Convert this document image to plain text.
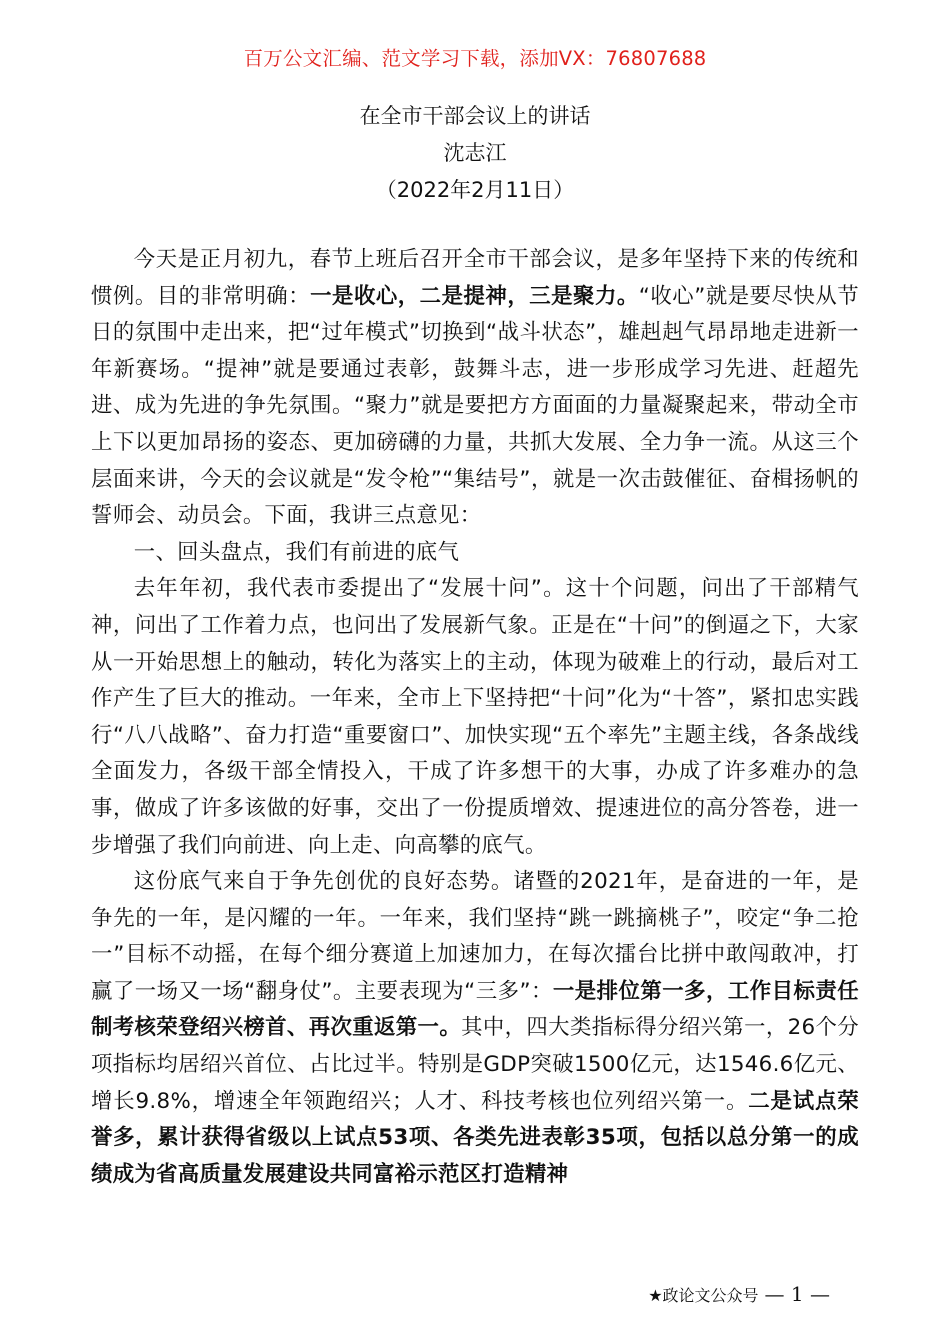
百万公文汇编、范文学习下载，添加VX：76807688
在全市干部会议上的讲话
沈志江
（2022年2月11日）

今天是正月初九，春节上班后召开全市干部会议，是多年坚持下来的传统和惯例。目的非常明确：一是收心，二是提神，三是聚力。“收心”就是要尽快从节日的氛围中走出来，把“过年模式”切换到“战斗状态”，雄赳赳气昂昂地走进新一年新赛场。“提神”就是要通过表彰，鼓舞斗志，进一步形成学习先进、赶超先进、成为先进的争先氛围。“聚力”就是要把方方面面的力量凝聚起来，带动全市上下以更加昂扬的姿态、更加磅礴的力量，共抓大发展、全力争一流。从这三个层面来讲，今天的会议就是“发令枪”“集结号”，就是一次击鼓催征、奋楫扬帆的誓师会、动员会。下面，我讲三点意见：

一、回头盘点，我们有前进的底气

去年年初，我代表市委提出了“发展十问”。这十个问题，问出了干部精气神，问出了工作着力点，也问出了发展新气象。正是在“十问”的倒逼之下，大家从一开始思想上的触动，转化为落实上的主动，体现为破难上的行动，最后对工作产生了巨大的推动。一年来，全市上下坚持把“十问”化为“十答”，紧扣忠实践行“八八战略”、奋力打造“重要窗口”、加快实现“五个率先”主题主线，各条战线全面发力，各级干部全情投入，干成了许多想干的大事，办成了许多难办的急事，做成了许多该做的好事，交出了一份提质增效、提速进位的高分答卷，进一步增强了我们向前进、向上走、向高攀的底气。

这份底气来自于争先创优的良好态势。诸暨的2021年，是奋进的一年，是争先的一年，是闪耀的一年。一年来，我们坚持“跳一跳摘桃子”，咬定“争二抢一”目标不动摇，在每个细分赛道上加速加力，在每次擂台比拼中敢闯敢冲，打赢了一场又一场“翻身仗”。主要表现为“三多”：一是排位第一多，工作目标责任制考核荣登绍兴榜首、再次重返第一。其中，四大类指标得分绍兴第一，26个分项指标均居绍兴首位、占比过半。特别是GDP突破1500亿元，达1546.6亿元、增长9.8%，增速全年领跑绍兴；人才、科技考核也位列绍兴第一。二是试点荣誉多，累计获得省级以上试点53项、各类先进表彰35项，包括以总分第一的成绩成为省高质量发展建设共同富裕示范区打造精神

★政论文公众号 — 1 —
